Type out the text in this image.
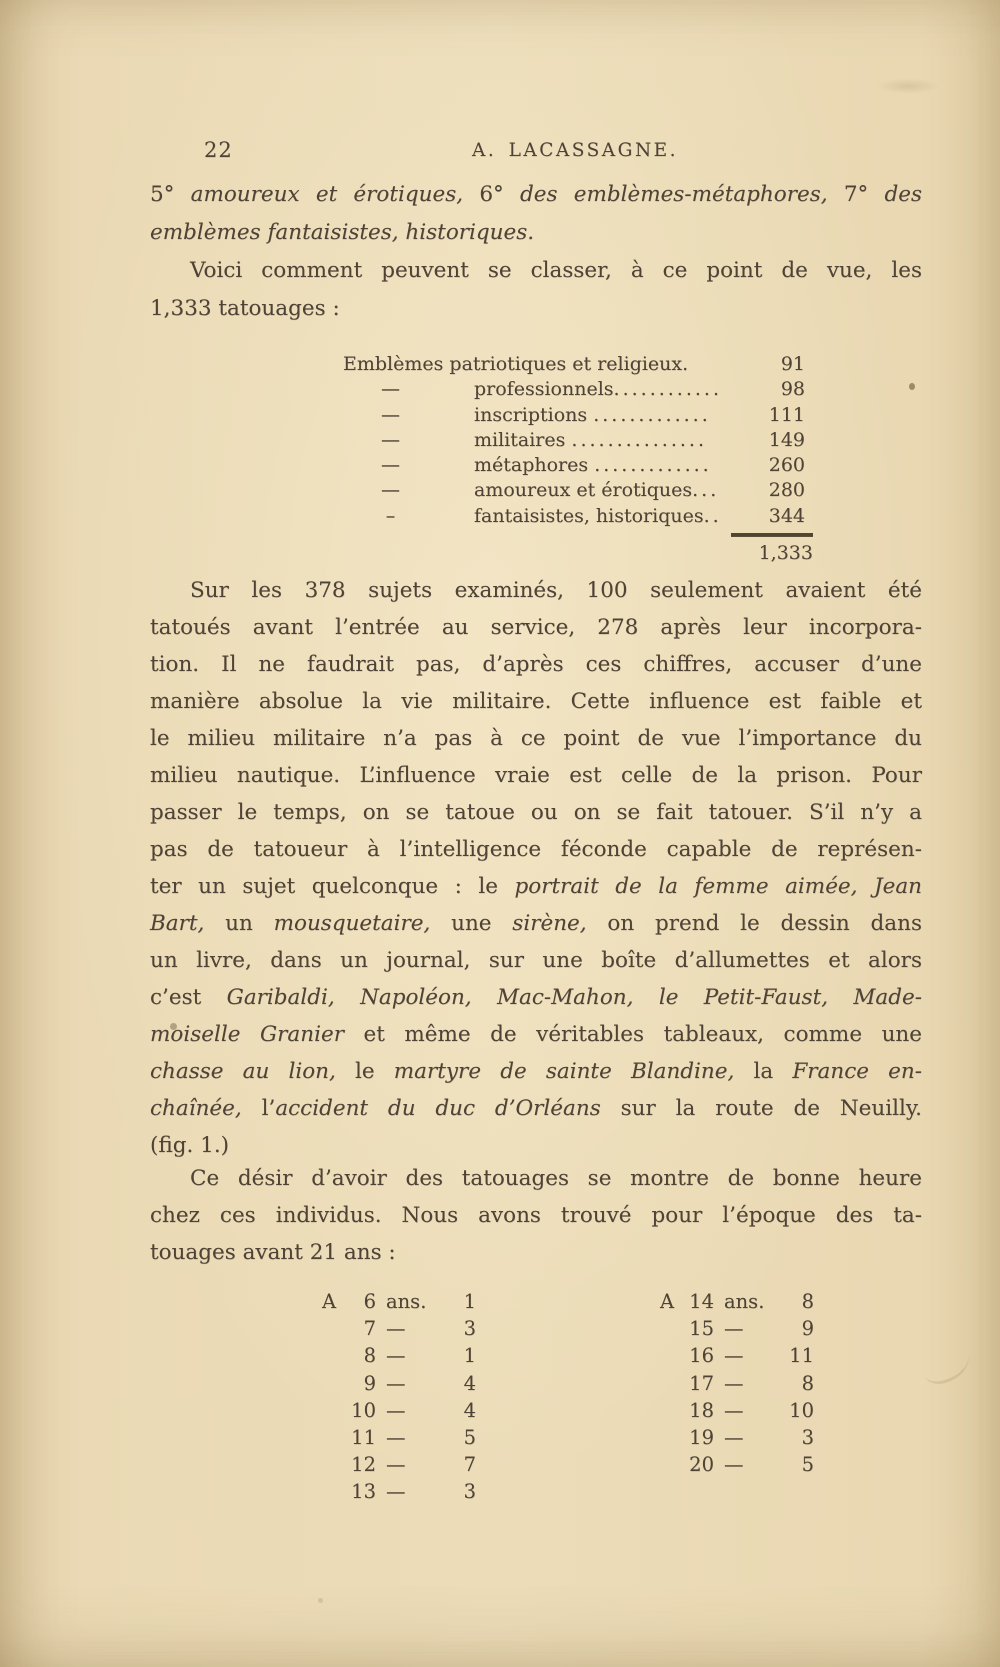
22	A. LACASSAGNE.
5° amoureux et érotiques, 6° des emblèmes-métaphores, 7° des
emblèmes fantaisistes, historiques.
Voici comment peuvent se classer, à ce point de vue, les
1,333 tatouages :
Emblèmes patriotiques et religieux.	91
—	professionnels............	98
—	inscriptions .............	111
—	militaires ...............	149
—	métaphores .............	260
—	amoureux et érotiques...	280
–	fantaisistes, historiques..	344
1,333
Sur les 378 sujets examinés, 100 seulement avaient été
tatoués avant l’entrée au service, 278 après leur incorpora-
tion. Il ne faudrait pas, d’après ces chiffres, accuser d’une
manière absolue la vie militaire. Cette influence est faible et
le milieu militaire n’a pas à ce point de vue l’importance du
milieu nautique. L’influence vraie est celle de la prison. Pour
passer le temps, on se tatoue ou on se fait tatouer. S’il n’y a
pas de tatoueur à l’intelligence féconde capable de représen-
ter un sujet quelconque : le portrait de la femme aimée, Jean
Bart, un mousquetaire, une sirène, on prend le dessin dans
un livre, dans un journal, sur une boîte d’allumettes et alors
c’est Garibaldi, Napoléon, Mac-Mahon, le Petit-Faust, Made-
moiselle Granier et même de véritables tableaux, comme une
chasse au lion, le martyre de sainte Blandine, la France en-
chaînée, l’accident du duc d’Orléans sur la route de Neuilly.
(fig. 1.)
Ce désir d’avoir des tatouages se montre de bonne heure
chez ces individus. Nous avons trouvé pour l’époque des ta-
touages avant 21 ans :
A	6 ans.	1
7 —	3
8 —	1
9 —	4
10 —	4
11 —	5
12 —	7
13 —	3
A 14 ans.	8
15 —	9
16 —	11
17 —	8
18 —	10
19 —	3
20 —	5
